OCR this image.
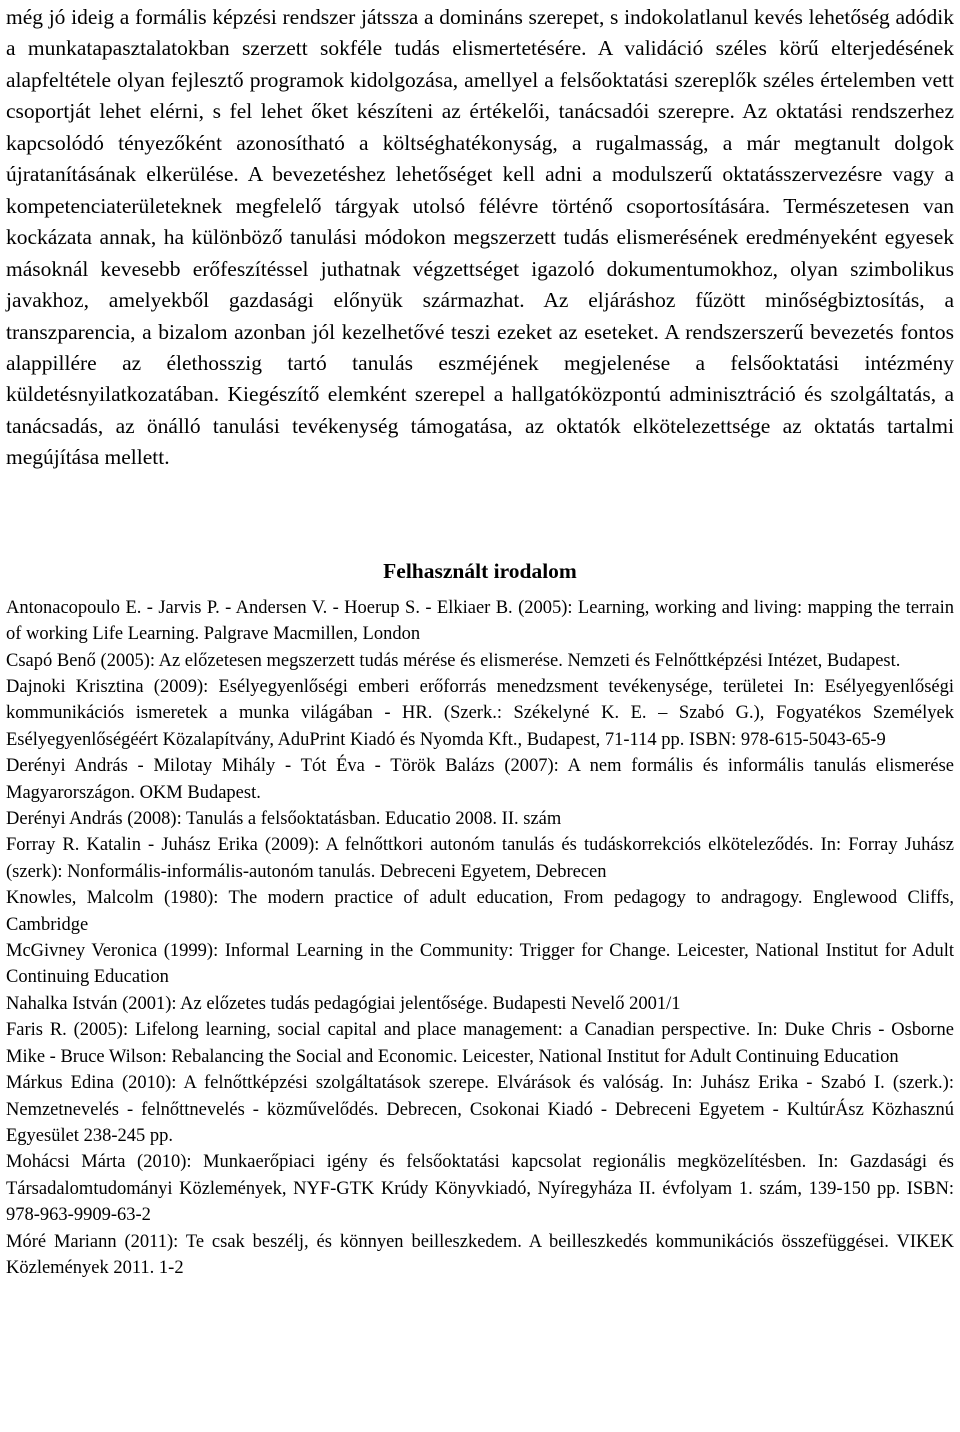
még jó ideig a formális képzési rendszer játssza a domináns szerepet, s indokolatlanul kevés lehetőség adódik a munkatapasztalatokban szerzett sokféle tudás elismertetésére. A validáció széles körű elterjedésének alapfeltétele olyan fejlesztő programok kidolgozása, amellyel a felsőoktatási szereplők széles értelemben vett csoportját lehet elérni, s fel lehet őket készíteni az értékelői, tanácsadói szerepre. Az oktatási rendszerhez kapcsolódó tényezőként azonosítható a költséghatékonyság, a rugalmasság, a már megtanult dolgok újratanításának elkerülése. A bevezetéshez lehetőséget kell adni a modulszerű oktatásszervezésre vagy a kompetenciaterületeknek megfelelő tárgyak utolsó félévre történő csoportosítására. Természetesen van kockázata annak, ha különböző tanulási módokon megszerzett tudás elismerésének eredményeként egyesek másoknál kevesebb erőfeszítéssel juthatnak végzettséget igazoló dokumentumokhoz, olyan szimbolikus javakhoz, amelyekből gazdasági előnyük származhat. Az eljáráshoz fűzött minőségbiztosítás, a transzparencia, a bizalom azonban jól kezelhetővé teszi ezeket az eseteket. A rendszerszerű bevezetés fontos alappillére az élethosszig tartó tanulás eszméjének megjelenése a felsőoktatási intézmény küldetésnyilatkozatában. Kiegészítő elemként szerepel a hallgatóközpontú adminisztráció és szolgáltatás, a tanácsadás, az önálló tanulási tevékenység támogatása, az oktatók elkötelezettsége az oktatás tartalmi megújítása mellett.

Felhasznált irodalom

Antonacopoulo E. - Jarvis P. - Andersen V. - Hoerup S. - Elkiaer B. (2005): Learning, working and living: mapping the terrain of working Life Learning. Palgrave Macmillen, London

Csapó Benő (2005): Az előzetesen megszerzett tudás mérése és elismerése. Nemzeti és Felnőttképzési Intézet, Budapest.

Dajnoki Krisztina (2009): Esélyegyenlőségi emberi erőforrás menedzsment tevékenysége, területei In: Esélyegyenlőségi kommunikációs ismeretek a munka világában - HR. (Szerk.: Székelyné K. E. – Szabó G.), Fogyatékos Személyek Esélyegyenlőségéért Közalapítvány, AduPrint Kiadó és Nyomda Kft., Budapest, 71-114 pp. ISBN: 978-615-5043-65-9

Derényi András - Milotay Mihály - Tót Éva - Török Balázs (2007): A nem formális és informális tanulás elismerése Magyarországon. OKM Budapest.

Derényi András (2008): Tanulás a felsőoktatásban. Educatio 2008. II. szám

Forray R. Katalin - Juhász Erika (2009): A felnőttkori autonóm tanulás és tudáskorrekciós elköteleződés. In: Forray Juhász (szerk): Nonformális-informális-autonóm tanulás. Debreceni Egyetem, Debrecen

Knowles, Malcolm (1980): The modern practice of adult education, From pedagogy to andragogy. Englewood Cliffs, Cambridge

McGivney Veronica (1999): Informal Learning in the Community: Trigger for Change. Leicester, National Institut for Adult Continuing Education

Nahalka István (2001): Az előzetes tudás pedagógiai jelentősége. Budapesti Nevelő 2001/1

Faris R. (2005): Lifelong learning, social capital and place management: a Canadian perspective. In: Duke Chris - Osborne Mike - Bruce Wilson: Rebalancing the Social and Economic. Leicester, National Institut for Adult Continuing Education

Márkus Edina (2010): A felnőttképzési szolgáltatások szerepe. Elvárások és valóság. In: Juhász Erika - Szabó I. (szerk.): Nemzetnevelés - felnőttnevelés - közművelődés. Debrecen, Csokonai Kiadó - Debreceni Egyetem - KultúrÁsz Közhasznú Egyesület 238-245 pp.

Mohácsi Márta (2010): Munkaerőpiaci igény és felsőoktatási kapcsolat regionális megközelítésben. In: Gazdasági és Társadalomtudományi Közlemények, NYF-GTK Krúdy Könyvkiadó, Nyíregyháza II. évfolyam 1. szám, 139-150 pp. ISBN: 978-963-9909-63-2

Móré Mariann (2011): Te csak beszélj, és könnyen beilleszkedem. A beilleszkedés kommunikációs összefüggései. VIKEK Közlemények 2011. 1-2
